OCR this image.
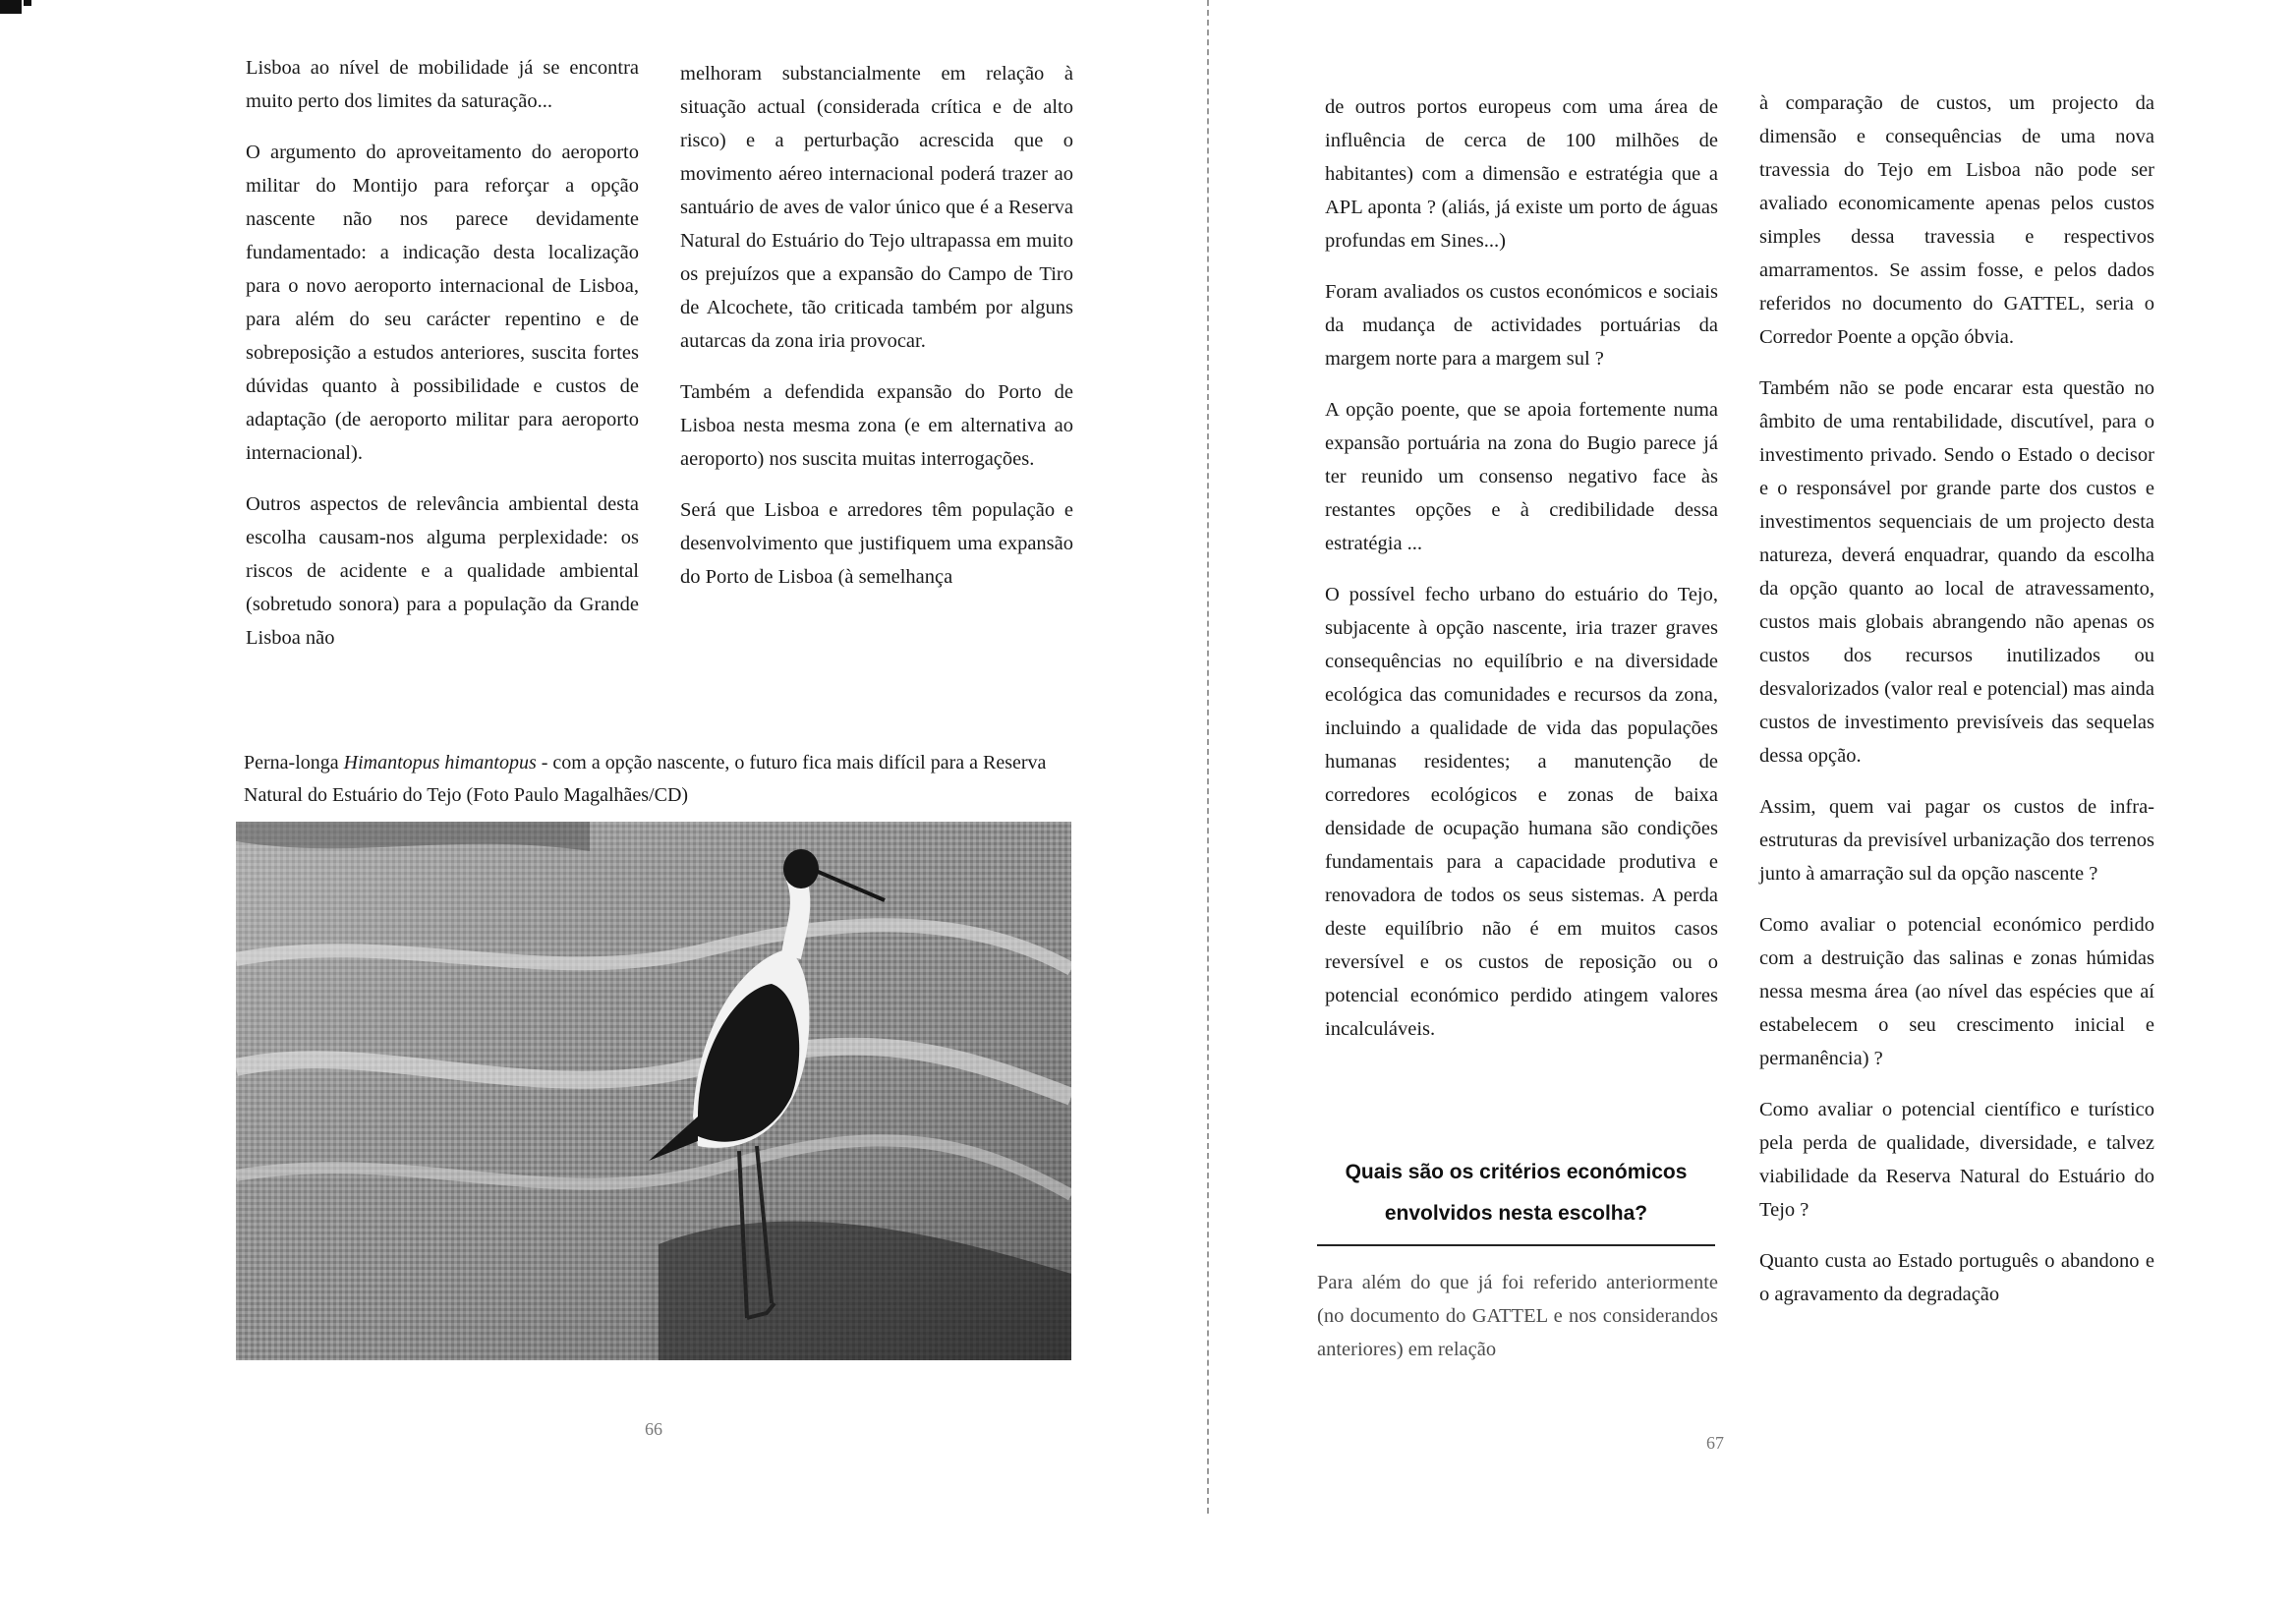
Lisboa ao nível de mobilidade já se encontra muito perto dos limites da saturação...

O argumento do aproveitamento do aeroporto militar do Montijo para reforçar a opção nascente não nos parece devidamente fundamentado: a indicação desta localização para o novo aeroporto internacional de Lisboa, para além do seu carácter repentino e de sobreposição a estudos anteriores, suscita fortes dúvidas quanto à possibilidade e custos de adaptação (de aeroporto militar para aeroporto internacional).

Outros aspectos de relevância ambiental desta escolha causam-nos alguma perplexidade: os riscos de acidente e a qualidade ambiental (sobretudo sonora) para a população da Grande Lisboa não

melhoram substancialmente em relação à situação actual (considerada crítica e de alto risco) e a perturbação acrescida que o movimento aéreo internacional poderá trazer ao santuário de aves de valor único que é a Reserva Natural do Estuário do Tejo ultrapassa em muito os prejuízos que a expansão do Campo de Tiro de Alcochete, tão criticada também por alguns autarcas da zona iria provocar.

Também a defendida expansão do Porto de Lisboa nesta mesma zona (e em alternativa ao aeroporto) nos suscita muitas interrogações.

Será que Lisboa e arredores têm população e desenvolvimento que justifiquem uma expansão do Porto de Lisboa (à semelhança

Perna-longa Himantopus himantopus - com a opção nascente, o futuro fica mais difícil para a Reserva Natural do Estuário do Tejo (Foto Paulo Magalhães/CD)
66

de outros portos europeus com uma área de influência de cerca de 100 milhões de habitantes) com a dimensão e estratégia que a APL aponta ? (aliás, já existe um porto de águas profundas em Sines...)

Foram avaliados os custos económicos e sociais da mudança de actividades portuárias da margem norte para a margem sul ?

A opção poente, que se apoia fortemente numa expansão portuária na zona do Bugio parece já ter reunido um consenso negativo face às restantes opções e à credibilidade dessa estratégia ...

O possível fecho urbano do estuário do Tejo, subjacente à opção nascente, iria trazer graves consequências no equilíbrio e na diversidade ecológica das comunidades e recursos da zona, incluindo a qualidade de vida das populações humanas residentes; a manutenção de corredores ecológicos e zonas de baixa densidade de ocupação humana são condições fundamentais para a capacidade produtiva e renovadora de todos os seus sistemas. A perda deste equilíbrio não é em muitos casos reversível e os custos de reposição ou o potencial económico perdido atingem valores incalculáveis.

Quais são os critérios económicos envolvidos nesta escolha?

Para além do que já foi referido anteriormente (no documento do GATTEL e nos considerandos anteriores) em relação

à comparação de custos, um projecto da dimensão e consequências de uma nova travessia do Tejo em Lisboa não pode ser avaliado economicamente apenas pelos custos simples dessa travessia e respectivos amarramentos. Se assim fosse, e pelos dados referidos no documento do GATTEL, seria o Corredor Poente a opção óbvia.

Também não se pode encarar esta questão no âmbito de uma rentabilidade, discutível, para o investimento privado. Sendo o Estado o decisor e o responsável por grande parte dos custos e investimentos sequenciais de um projecto desta natureza, deverá enquadrar, quando da escolha da opção quanto ao local de atravessamento, custos mais globais abrangendo não apenas os custos dos recursos inutilizados ou desvalorizados (valor real e potencial) mas ainda custos de investimento previsíveis das sequelas dessa opção.

Assim, quem vai pagar os custos de infra-estruturas da previsível urbanização dos terrenos junto à amarração sul da opção nascente ?

Como avaliar o potencial económico perdido com a destruição das salinas e zonas húmidas nessa mesma área (ao nível das espécies que aí estabelecem o seu crescimento inicial e permanência) ?

Como avaliar o potencial científico e turístico pela perda de qualidade, diversidade, e talvez viabilidade da Reserva Natural do Estuário do Tejo ?

Quanto custa ao Estado português o abandono e o agravamento da degradação

67
